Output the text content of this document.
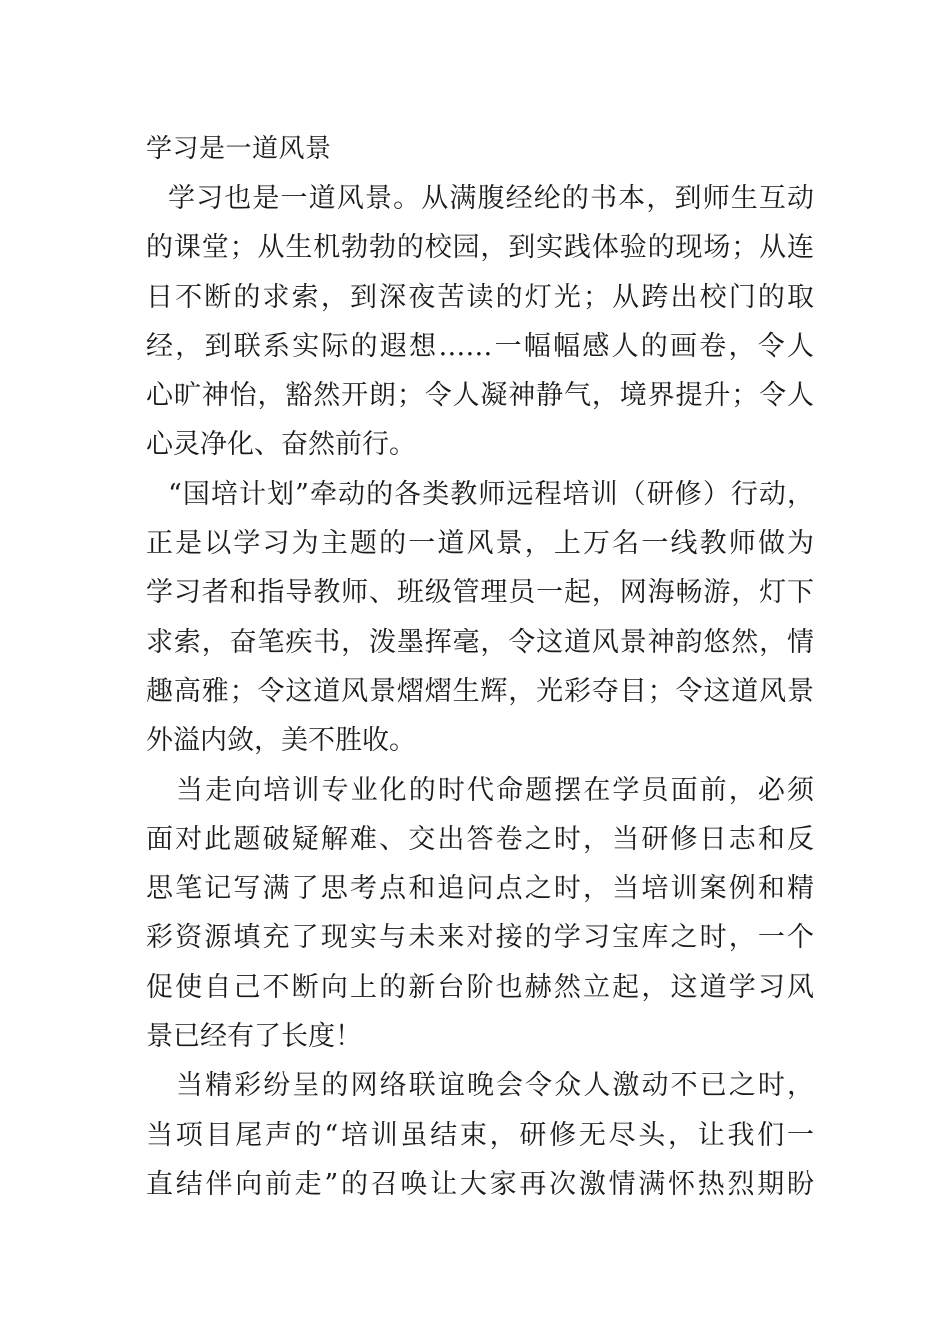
学习是一道风景
学习也是一道风景。从满腹经纶的书本，到师生互动
的课堂；从生机勃勃的校园，到实践体验的现场；从连
日不断的求索，到深夜苦读的灯光；从跨出校门的取
经，到联系实际的遐想……一幅幅感人的画卷，令人
心旷神怡，豁然开朗；令人凝神静气，境界提升；令人
心灵净化、奋然前行。
“国培计划”牵动的各类教师远程培训（研修）行动，
正是以学习为主题的一道风景，上万名一线教师做为
学习者和指导教师、班级管理员一起，网海畅游，灯下
求索，奋笔疾书，泼墨挥毫，令这道风景神韵悠然，情
趣高雅；令这道风景熠熠生辉，光彩夺目；令这道风景
外溢内敛，美不胜收。
当走向培训专业化的时代命题摆在学员面前，必须
面对此题破疑解难、交出答卷之时，当研修日志和反
思笔记写满了思考点和追问点之时，当培训案例和精
彩资源填充了现实与未来对接的学习宝库之时，一个
促使自己不断向上的新台阶也赫然立起，这道学习风
景已经有了长度！
当精彩纷呈的网络联谊晚会令众人激动不已之时，
当项目尾声的“培训虽结束，研修无尽头，让我们一
直结伴向前走”的召唤让大家再次激情满怀热烈期盼
